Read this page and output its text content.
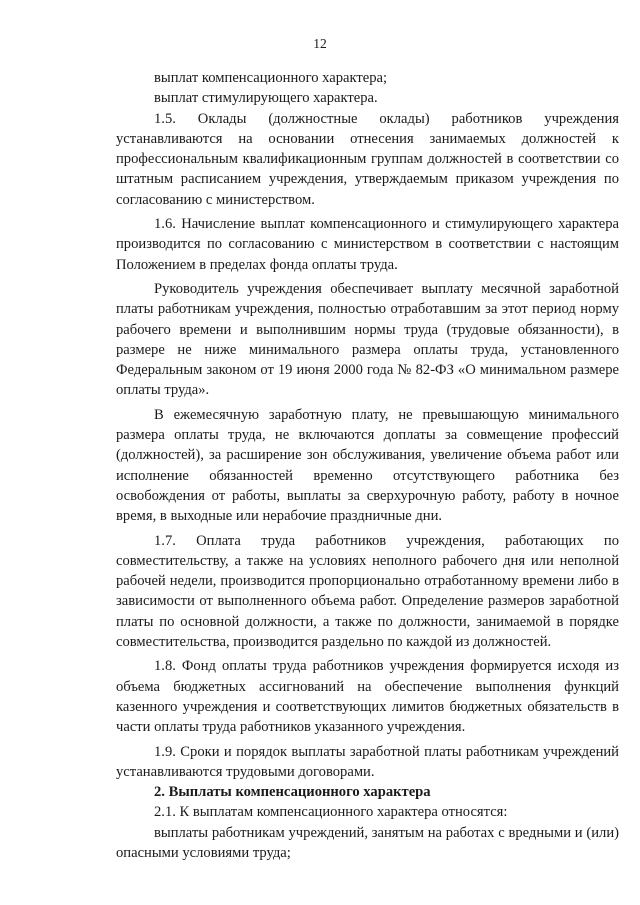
12

выплат компенсационного характера;

выплат стимулирующего характера.

1.5. Оклады (должностные оклады) работников учреждения устанавливаются на основании отнесения занимаемых должностей к профессиональным квалификационным группам должностей в соответствии со штатным расписанием учреждения, утверждаемым приказом учреждения по согласованию с министерством.

1.6. Начисление выплат компенсационного и стимулирующего характера производится по согласованию с министерством в соответствии с настоящим Положением в пределах фонда оплаты труда.

Руководитель учреждения обеспечивает выплату месячной заработной платы работникам учреждения, полностью отработавшим за этот период норму рабочего времени и выполнившим нормы труда (трудовые обязанности), в размере не ниже минимального размера оплаты труда, установленного Федеральным законом от 19 июня 2000 года № 82-ФЗ «О минимальном размере оплаты труда».

В ежемесячную заработную плату, не превышающую минимального размера оплаты труда, не включаются доплаты за совмещение профессий (должностей), за расширение зон обслуживания, увеличение объема работ или исполнение обязанностей временно отсутствующего работника без освобождения от работы, выплаты за сверхурочную работу, работу в ночное время, в выходные или нерабочие праздничные дни.

1.7. Оплата труда работников учреждения, работающих по совместительству, а также на условиях неполного рабочего дня или неполной рабочей недели, производится пропорционально отработанному времени либо в зависимости от выполненного объема работ. Определение размеров заработной платы по основной должности, а также по должности, занимаемой в порядке совместительства, производится раздельно по каждой из должностей.

1.8. Фонд оплаты труда работников учреждения формируется исходя из объема бюджетных ассигнований на обеспечение выполнения функций казенного учреждения и соответствующих лимитов бюджетных обязательств в части оплаты труда работников указанного учреждения.

1.9. Сроки и порядок выплаты заработной платы работникам учреждений устанавливаются трудовыми договорами.

2. Выплаты компенсационного характера

2.1. К выплатам компенсационного характера относятся:

выплаты работникам учреждений, занятым на работах с вредными и (или) опасными условиями труда;
